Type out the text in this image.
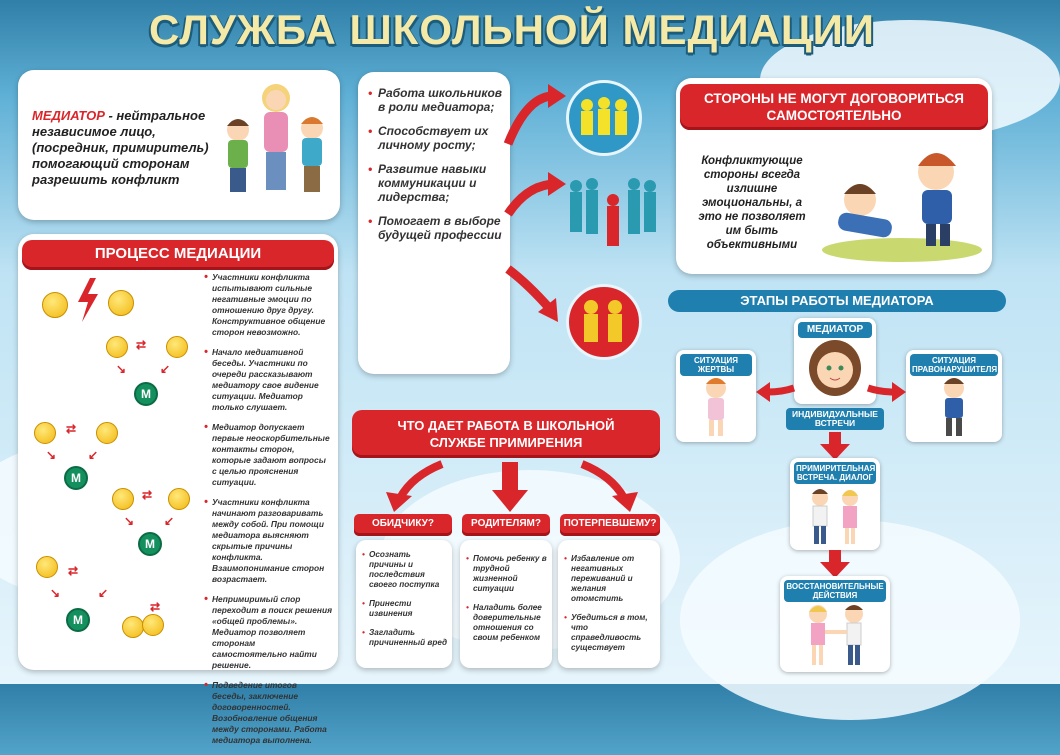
СЛУЖБА ШКОЛЬНОЙ МЕДИАЦИИ
МЕДИАТОР - нейтральное независимое лицо, (посредник, примиритель) помогающий сторонам разрешить конфликт
• Работа школьников в роли медиатора;
• Способствует их личному росту;
• Развитие навыки коммуникации и лидерства;
• Помогает в выборе будущей профессии
СТОРОНЫ НЕ МОГУТ ДОГОВОРИТЬСЯ САМОСТОЯТЕЛЬНО
Конфликтующие стороны всегда излишне эмоциональны, а это не позволяет им быть объективными
ПРОЦЕСС МЕДИАЦИИ
• Участники конфликта испытывают сильные негативные эмоции по отношению друг другу. Конструктивное общение сторон невозможно.
• Начало медиативной беседы. Участники по очереди рассказывают медиатору свое видение ситуации. Медиатор только слушает.
• Медиатор допускает первые неоскорбительные контакты сторон, которые задают вопросы с целью прояснения ситуации.
• Участники конфликта начинают разговаривать между собой. При помощи медиатора выясняют скрытые причины конфликта. Взаимопонимание сторон возрастает.
• Непримиримый спор переходит в поиск решения «общей проблемы». Медиатор позволяет сторонам самостоятельно найти решение.
• Подведение итогов беседы, заключение договоренностей. Возобновление общения между сторонами. Работа медиатора выполнена.
⇄
↘	↙
М
⇄
↘	↙
М
⇄
↘ ↙
М
⇄
↘	↙
М
⇄
ЧТО ДАЕТ РАБОТА В ШКОЛЬНОЙ СЛУЖБЕ ПРИМИРЕНИЯ
ОБИДЧИКУ?	РОДИТЕЛЯМ?	ПОТЕРПЕВШЕМУ?
• Осознать причины и последствия своего поступка
• Принести извинения
• Загладить причиненный вред
• Помочь ребенку в трудной жизненной ситуации
• Наладить более доверительные отношения со своим ребенком
• Избавление от негативных переживаний и желания отомстить
• Убедиться в том, что справедливость существует
ЭТАПЫ РАБОТЫ МЕДИАТОРА
МЕДИАТОР
СИТУАЦИЯ ЖЕРТВЫ
СИТУАЦИЯ ПРАВОНАРУШИТЕЛЯ
ИНДИВИДУАЛЬНЫЕ ВСТРЕЧИ
ПРИМИРИТЕЛЬНАЯ ВСТРЕЧА. ДИАЛОГ
ВОССТАНОВИТЕЛЬНЫЕ ДЕЙСТВИЯ
